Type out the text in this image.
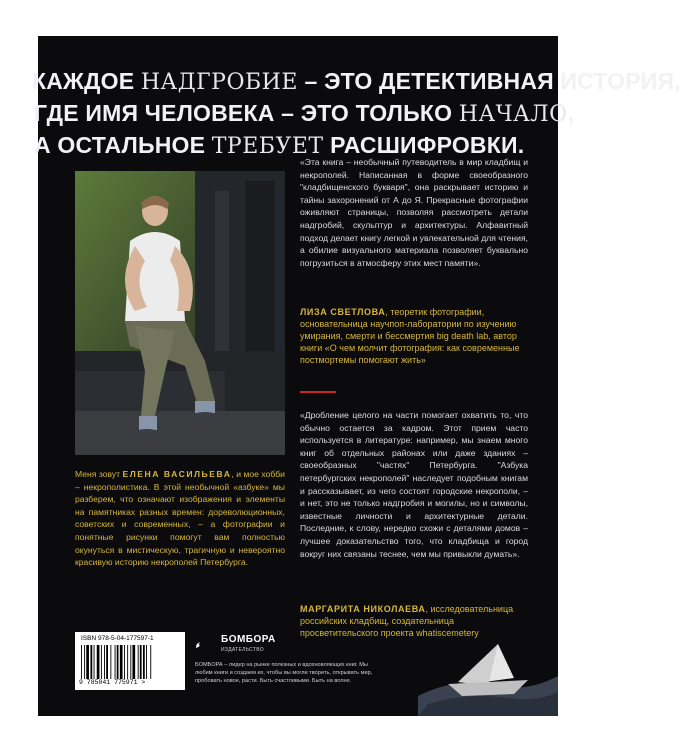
КАЖДОЕ НАДГРОБИЕ – ЭТО ДЕТЕКТИВНАЯ ИСТОРИЯ,
ГДЕ ИМЯ ЧЕЛОВЕКА – ЭТО ТОЛЬКО НАЧАЛО,
А ОСТАЛЬНОЕ ТРЕБУЕТ РАСШИФРОВКИ.
«Эта книга – необычный путеводитель в мир кладбищ и некрополей. Написанная в форме своеобразного "кладбищенского букваря", она раскрывает историю и тайны захоронений от А до Я. Прекрасные фотографии оживляют страницы, позволяя рассмотреть детали надгробий, скульптур и архитектуры. Алфавитный подход делает книгу легкой и увлекательной для чтения, а обилие визуального материала позволяет буквально погрузиться в атмосферу этих мест памяти».
ЛИЗА СВЕТЛОВА, теоретик фотографии, основательница научпоп-лаборатории по изучению умирания, смерти и бессмертия big death lab, автор книги «О чем молчит фотография: как современные постмортемы помогают жить»
«Дробление целого на части помогает охватить то, что обычно остается за кадром. Этот прием часто используется в литературе: например, мы знаем много книг об отдельных районах или даже зданиях – своеобразных "частях" Петербурга. "Азбука петербургских некрополей" наследует подобным книгам и рассказывает, из чего состоят городские некрополи, – и нет, это не только надгробия и могилы, но и символы, известные личности и архитектурные детали. Последние, к слову, нередко схожи с деталями домов – лучшее доказательство того, что кладбища и город вокруг них связаны теснее, чем мы привыкли думать».
МАРГАРИТА НИКОЛАЕВА, исследовательница российских кладбищ, создательница просветительского проекта whatiscemetery
Меня зовут ЕЛЕНА ВАСИЛЬЕВА, и мое хобби – некрополистика. В этой необычной «азбуке» мы разберем, что означают изображения и элементы на памятниках разных времен: дореволюционных, советских и современных, – а фотографии и понятные рисунки помогут вам полностью окунуться в мистическую, трагичную и невероятно красивую историю некрополей Петербурга.
ISBN 978-5-04-177597-1
9 785041 775971 >
БОМБОРА
ИЗДАТЕЛЬСТВО
БОМБОРА – лидер на рынке полезных и вдохновляющих книг. Мы любим книги и создаем их, чтобы вы могли творить, открывать мир, пробовать новое, расти. Быть счастливыми. Быть на волне.
